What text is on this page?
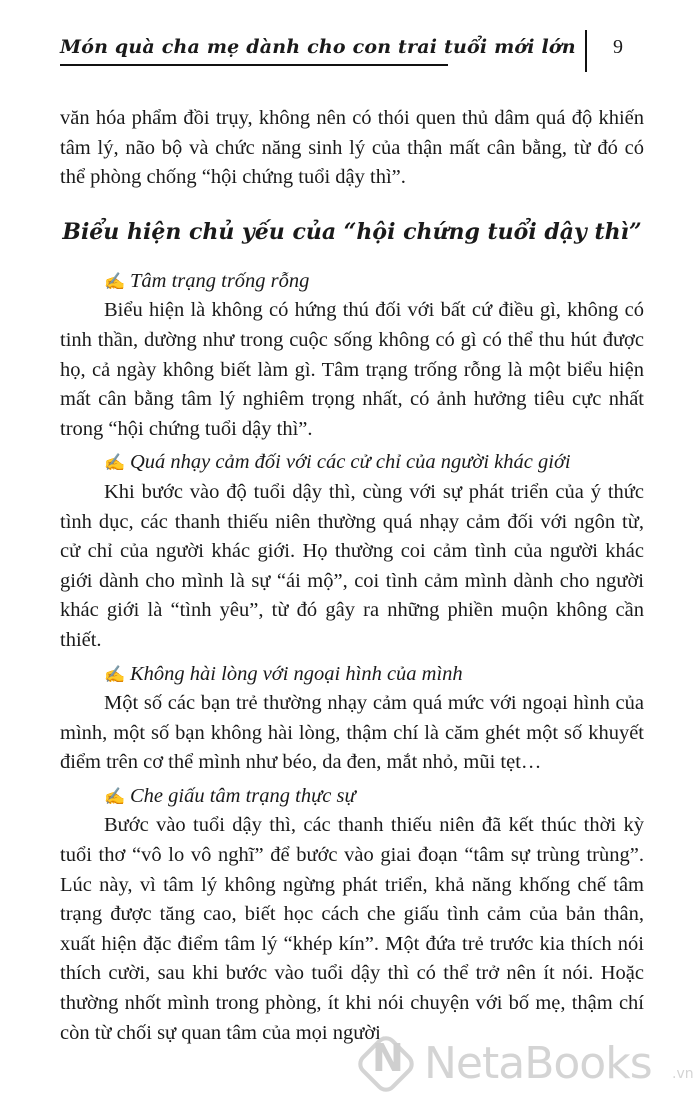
Món quà cha mẹ dành cho con trai tuổi mới lớn 9

văn hóa phẩm đồi trụy, không nên có thói quen thủ dâm quá độ khiến tâm lý, não bộ và chức năng sinh lý của thận mất cân bằng, từ đó có thể phòng chống “hội chứng tuổi dậy thì”.

Biểu hiện chủ yếu của “hội chứng tuổi dậy thì”

✍ Tâm trạng trống rỗng

Biểu hiện là không có hứng thú đối với bất cứ điều gì, không có tinh thần, dường như trong cuộc sống không có gì có thể thu hút được họ, cả ngày không biết làm gì. Tâm trạng trống rỗng là một biểu hiện mất cân bằng tâm lý nghiêm trọng nhất, có ảnh hưởng tiêu cực nhất trong “hội chứng tuổi dậy thì”.

✍ Quá nhạy cảm đối với các cử chỉ của người khác giới

Khi bước vào độ tuổi dậy thì, cùng với sự phát triển của ý thức tình dục, các thanh thiếu niên thường quá nhạy cảm đối với ngôn từ, cử chỉ của người khác giới. Họ thường coi cảm tình của người khác giới dành cho mình là sự “ái mộ”, coi tình cảm mình dành cho người khác giới là “tình yêu”, từ đó gây ra những phiền muộn không cần thiết.

✍ Không hài lòng với ngoại hình của mình

Một số các bạn trẻ thường nhạy cảm quá mức với ngoại hình của mình, một số bạn không hài lòng, thậm chí là căm ghét một số khuyết điểm trên cơ thể mình như béo, da đen, mắt nhỏ, mũi tẹt…

✍ Che giấu tâm trạng thực sự

Bước vào tuổi dậy thì, các thanh thiếu niên đã kết thúc thời kỳ tuổi thơ “vô lo vô nghĩ” để bước vào giai đoạn “tâm sự trùng trùng”. Lúc này, vì tâm lý không ngừng phát triển, khả năng khống chế tâm trạng được tăng cao, biết học cách che giấu tình cảm của bản thân, xuất hiện đặc điểm tâm lý “khép kín”. Một đứa trẻ trước kia thích nói thích cười, sau khi bước vào tuổi dậy thì có thể trở nên ít nói. Hoặc thường nhốt mình trong phòng, ít khi nói chuyện với bố mẹ, thậm chí còn từ chối sự quan tâm của mọi người.

N NetaBooks .vn
